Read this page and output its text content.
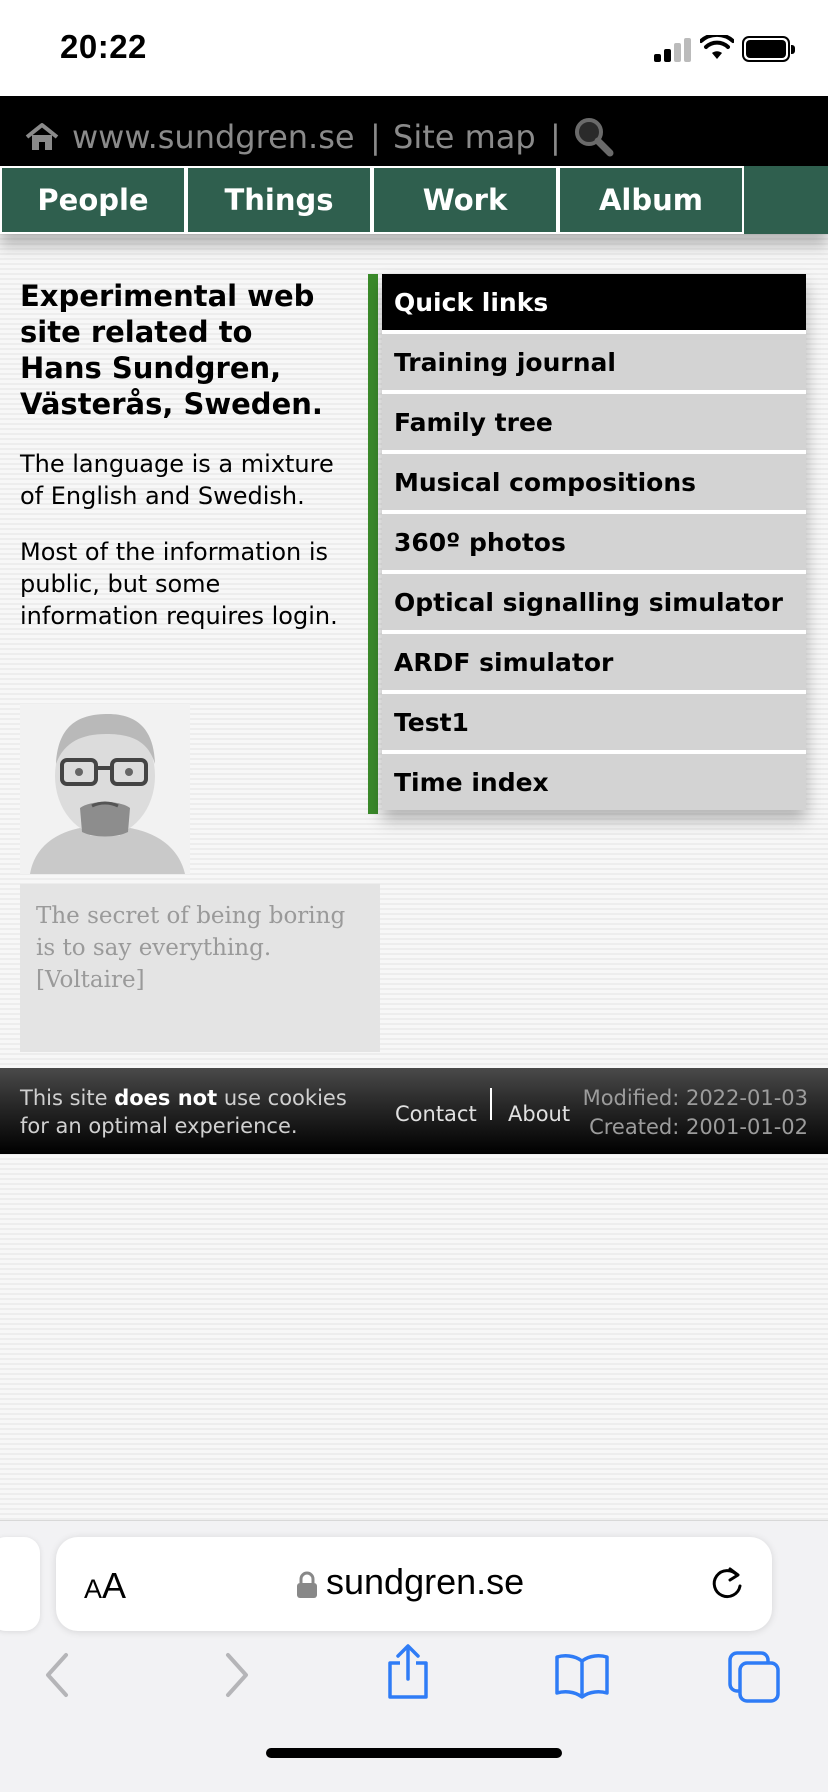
20:22
www.sundgren.se | Site map |
People	Things	Work	Album
Experimental web site related to Hans Sundgren, Västerås, Sweden.

The language is a mixture of English and Swedish.

Most of the information is public, but some information requires login.

The secret of being boring is to say everything. [Voltaire]

Quick links
Training journal
Family tree
Musical compositions
360º photos
Optical signalling simulator
ARDF simulator
Test1
Time index
This site does not use cookies for an optimal experience.	Contact About
Modified: 2022-01-03
Created: 2001-01-02
AA	sundgren.se
